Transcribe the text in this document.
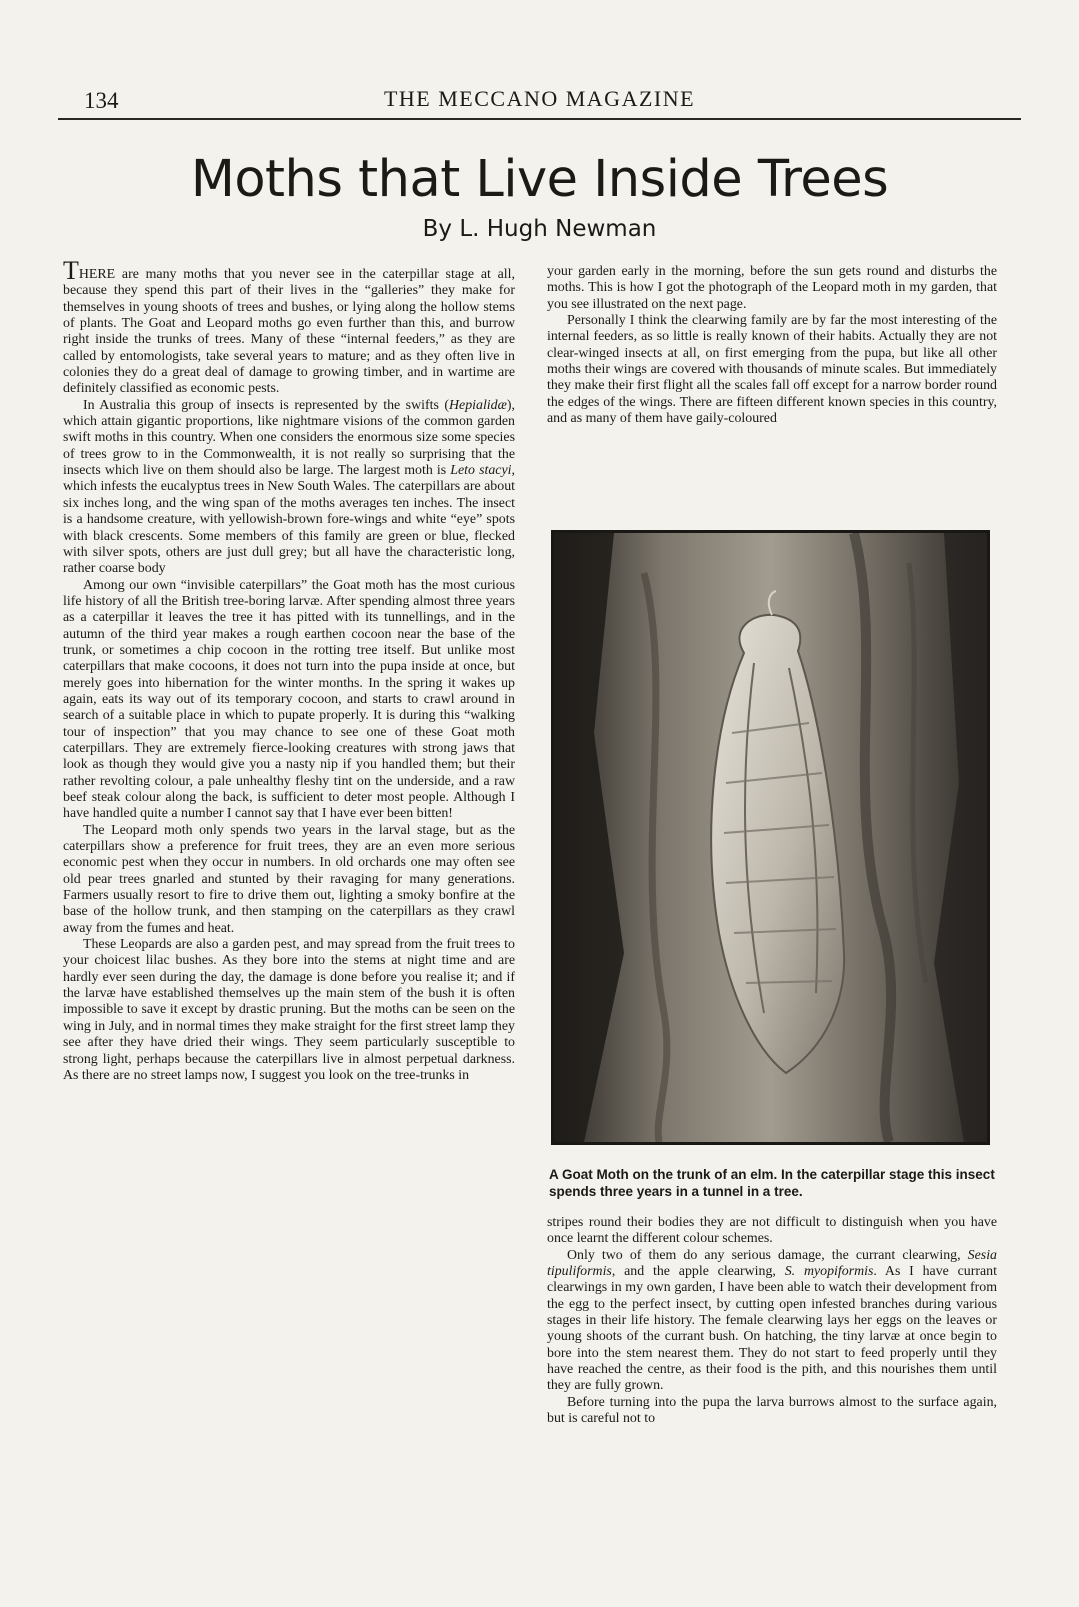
134	THE MECCANO MAGAZINE
Moths that Live Inside Trees
By L. Hugh Newman

THERE are many moths that you never see in the caterpillar stage at all, because they spend this part of their lives in the “galleries” they make for themselves in young shoots of trees and bushes, or lying along the hollow stems of plants. The Goat and Leopard moths go even further than this, and burrow right inside the trunks of trees. Many of these “internal feeders,” as they are called by entomologists, take several years to mature; and as they often live in colonies they do a great deal of damage to growing timber, and in wartime are definitely classified as economic pests.

In Australia this group of insects is represented by the swifts (Hepialidæ), which attain gigantic proportions, like nightmare visions of the common garden swift moths in this country. When one considers the enormous size some species of trees grow to in the Commonwealth, it is not really so surprising that the insects which live on them should also be large. The largest moth is Leto stacyi, which infests the eucalyptus trees in New South Wales. The caterpillars are about six inches long, and the wing span of the moths averages ten inches. The insect is a handsome creature, with yellowish-brown fore-wings and white “eye” spots with black crescents. Some members of this family are green or blue, flecked with silver spots, others are just dull grey; but all have the characteristic long, rather coarse body

Among our own “invisible caterpillars” the Goat moth has the most curious life history of all the British tree-boring larvæ. After spending almost three years as a caterpillar it leaves the tree it has pitted with its tunnellings, and in the autumn of the third year makes a rough earthen cocoon near the base of the trunk, or sometimes a chip cocoon in the rotting tree itself. But unlike most caterpillars that make cocoons, it does not turn into the pupa inside at once, but merely goes into hibernation for the winter months. In the spring it wakes up again, eats its way out of its temporary cocoon, and starts to crawl around in search of a suitable place in which to pupate properly. It is during this “walking tour of inspection” that you may chance to see one of these Goat moth caterpillars. They are extremely fierce-looking creatures with strong jaws that look as though they would give you a nasty nip if you handled them; but their rather revolting colour, a pale unhealthy fleshy tint on the underside, and a raw beef steak colour along the back, is sufficient to deter most people. Although I have handled quite a number I cannot say that I have ever been bitten!

The Leopard moth only spends two years in the larval stage, but as the caterpillars show a preference for fruit trees, they are an even more serious economic pest when they occur in numbers. In old orchards one may often see old pear trees gnarled and stunted by their ravaging for many generations. Farmers usually resort to fire to drive them out, lighting a smoky bonfire at the base of the hollow trunk, and then stamping on the caterpillars as they crawl away from the fumes and heat.

These Leopards are also a garden pest, and may spread from the fruit trees to your choicest lilac bushes. As they bore into the stems at night time and are hardly ever seen during the day, the damage is done before you realise it; and if the larvæ have established themselves up the main stem of the bush it is often impossible to save it except by drastic pruning. But the moths can be seen on the wing in July, and in normal times they make straight for the first street lamp they see after they have dried their wings. They seem particularly susceptible to strong light, perhaps because the caterpillars live in almost perpetual darkness. As there are no street lamps now, I suggest you look on the tree-trunks in

your garden early in the morning, before the sun gets round and disturbs the moths. This is how I got the photograph of the Leopard moth in my garden, that you see illustrated on the next page.

Personally I think the clearwing family are by far the most interesting of the internal feeders, as so little is really known of their habits. Actually they are not clear-winged insects at all, on first emerging from the pupa, but like all other moths their wings are covered with thousands of minute scales. But immediately they make their first flight all the scales fall off except for a narrow border round the edges of the wings. There are fifteen different known species in this country, and as many of them have gaily-coloured

A Goat Moth on the trunk of an elm. In the caterpillar stage this insect spends three years in a tunnel in a tree.

stripes round their bodies they are not difficult to distinguish when you have once learnt the different colour schemes.

Only two of them do any serious damage, the currant clearwing, Sesia tipuliformis, and the apple clearwing, S. myopiformis. As I have currant clearwings in my own garden, I have been able to watch their development from the egg to the perfect insect, by cutting open infested branches during various stages in their life history. The female clearwing lays her eggs on the leaves or young shoots of the currant bush. On hatching, the tiny larvæ at once begin to bore into the stem nearest them. They do not start to feed properly until they have reached the centre, as their food is the pith, and this nourishes them until they are fully grown.

Before turning into the pupa the larva burrows almost to the surface again, but is careful not to
